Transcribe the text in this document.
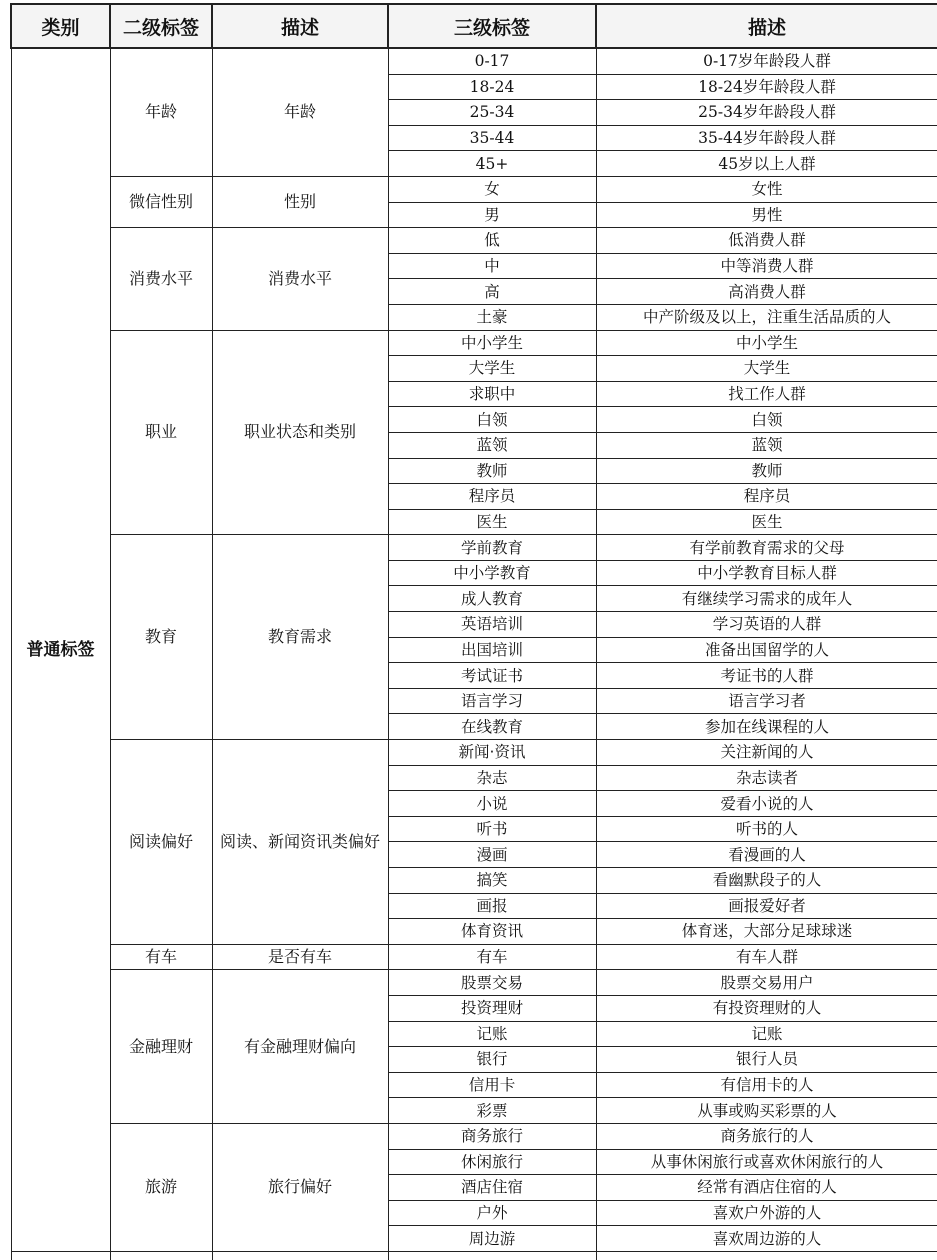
类别	二级标签	描述	三级标签	描述
普通标签	年龄	年龄	0-17	0-17岁年龄段人群
			18-24	18-24岁年龄段人群
			25-34	25-34岁年龄段人群
			35-44	35-44岁年龄段人群
			45+	45岁以上人群
	微信性别	性别	女	女性
			男	男性
	消费水平	消费水平	低	低消费人群
			中	中等消费人群
			高	高消费人群
			土豪	中产阶级及以上，注重生活品质的人
	职业	职业状态和类别	中小学生	中小学生
			大学生	大学生
			求职中	找工作人群
			白领	白领
			蓝领	蓝领
			教师	教师
			程序员	程序员
			医生	医生
	教育	教育需求	学前教育	有学前教育需求的父母
			中小学教育	中小学教育目标人群
			成人教育	有继续学习需求的成年人
			英语培训	学习英语的人群
			出国培训	准备出国留学的人
			考试证书	考证书的人群
			语言学习	语言学习者
			在线教育	参加在线课程的人
	阅读偏好	阅读、新闻资讯类偏好	新闻·资讯	关注新闻的人
			杂志	杂志读者
			小说	爱看小说的人
			听书	听书的人
			漫画	看漫画的人
			搞笑	看幽默段子的人
			画报	画报爱好者
			体育资讯	体育迷，大部分足球球迷
	有车	是否有车	有车	有车人群
	金融理财	有金融理财偏向	股票交易	股票交易用户
			投资理财	有投资理财的人
			记账	记账
			银行	银行人员
			信用卡	有信用卡的人
			彩票	从事或购买彩票的人
	旅游	旅行偏好	商务旅行	商务旅行的人
			休闲旅行	从事休闲旅行或喜欢休闲旅行的人
			酒店住宿	经常有酒店住宿的人
			户外	喜欢户外游的人
			周边游	喜欢周边游的人
